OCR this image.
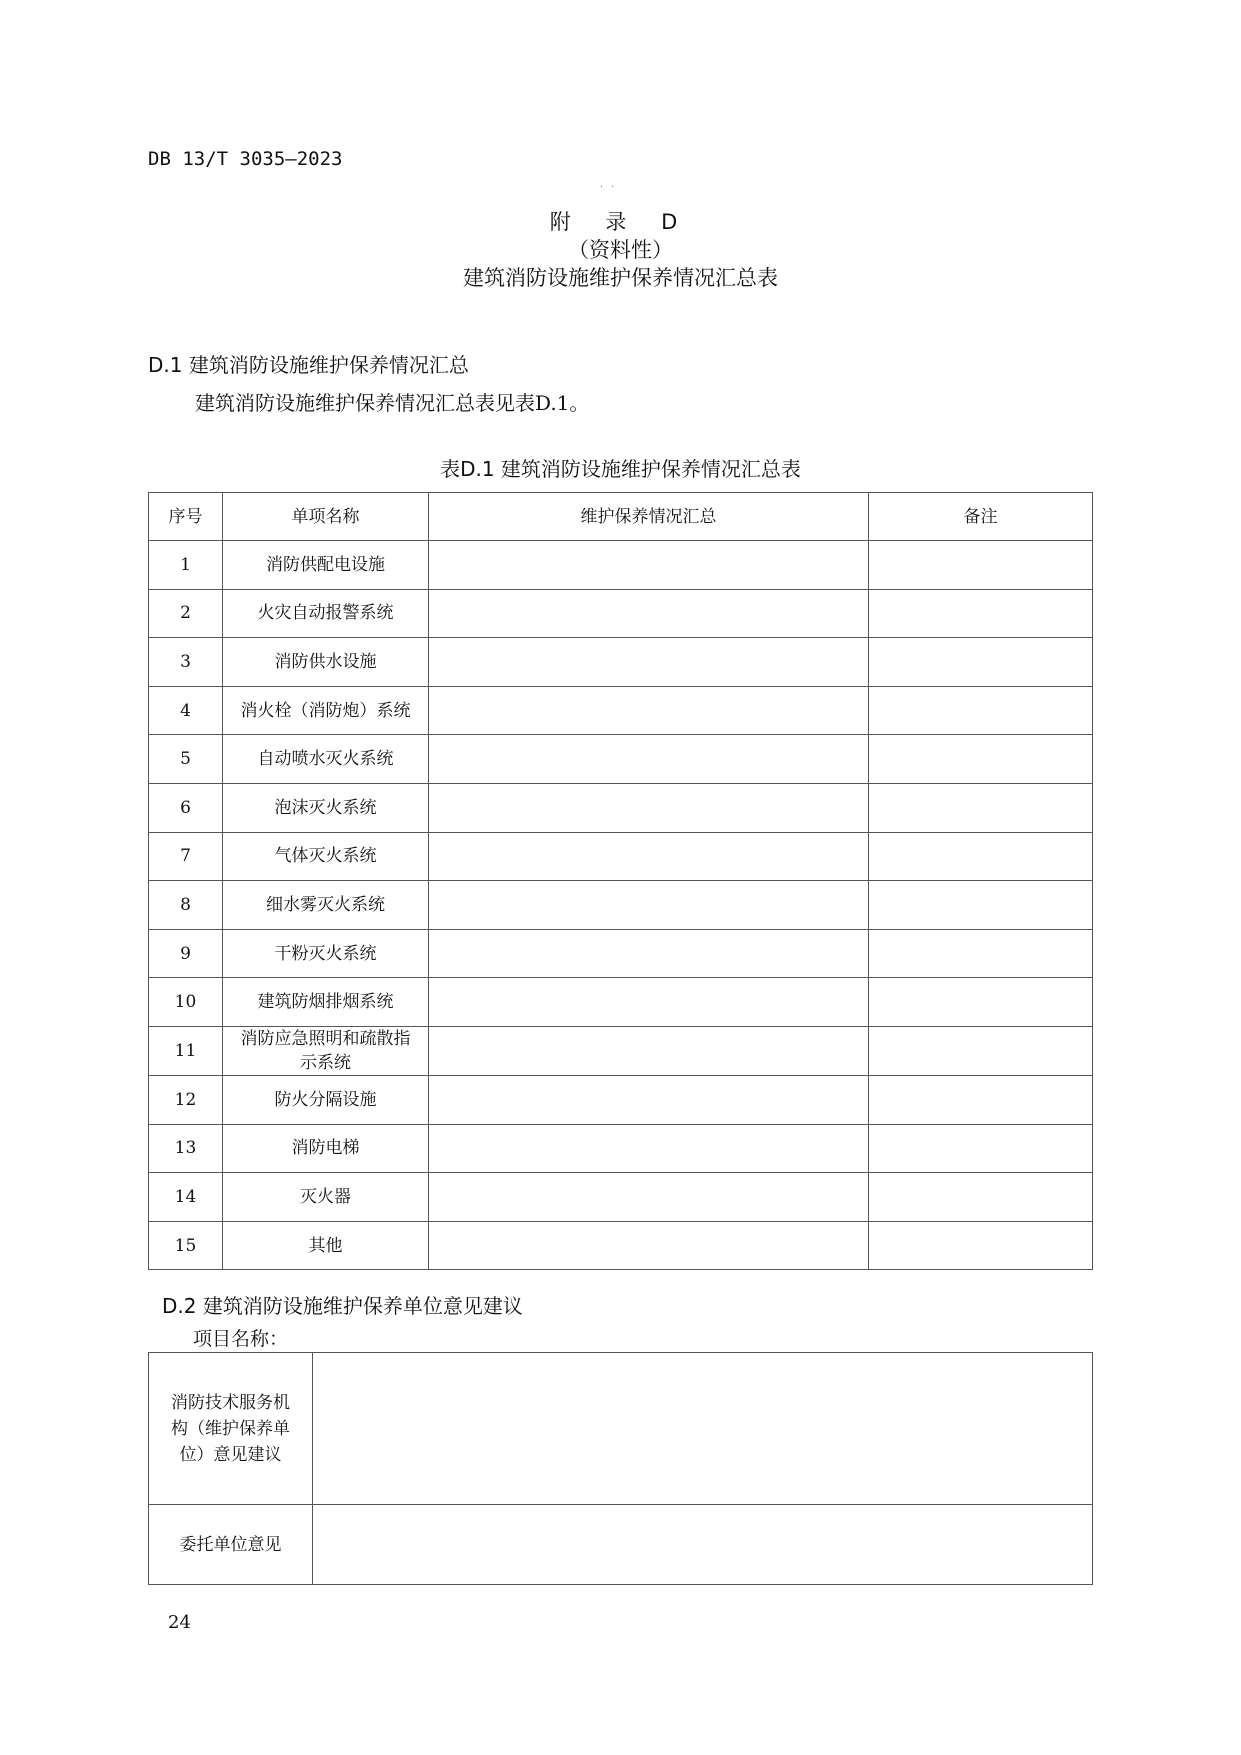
DB 13/T 3035—2023
··
附 录 D
（资料性）
建筑消防设施维护保养情况汇总表
D.1 建筑消防设施维护保养情况汇总
建筑消防设施维护保养情况汇总表见表D.1。
表D.1 建筑消防设施维护保养情况汇总表
序号	单项名称	维护保养情况汇总	备注
1	消防供配电设施		
2	火灾自动报警系统		
3	消防供水设施		
4	消火栓（消防炮）系统		
5	自动喷水灭火系统		
6	泡沫灭火系统		
7	气体灭火系统		
8	细水雾灭火系统		
9	干粉灭火系统		
10	建筑防烟排烟系统		
11	消防应急照明和疏散指示系统		
12	防火分隔设施		
13	消防电梯		
14	灭火器		
15	其他		
D.2 建筑消防设施维护保养单位意见建议
项目名称：
消防技术服务机构（维护保养单位）意见建议	
委托单位意见	
24
